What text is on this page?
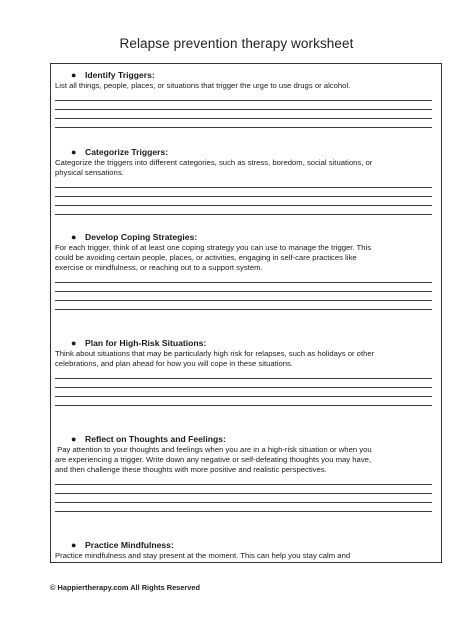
Relapse prevention therapy worksheet
● Identify Triggers:
List all things, people, places, or situations that trigger the urge to use drugs or alcohol.
● Categorize Triggers:
Categorize the triggers into different categories, such as stress, boredom, social situations, or
physical sensations.
● Develop Coping Strategies:
For each trigger, think of at least one coping strategy you can use to manage the trigger. This
could be avoiding certain people, places, or activities, engaging in self-care practices like
exercise or mindfulness, or reaching out to a support system.
● Plan for High-Risk Situations:
Think about situations that may be particularly high risk for relapses, such as holidays or other
celebrations, and plan ahead for how you will cope in these situations.
● Reflect on Thoughts and Feelings:
Pay attention to your thoughts and feelings when you are in a high-risk situation or when you
are experiencing a trigger. Write down any negative or self-defeating thoughts you may have,
and then challenge these thoughts with more positive and realistic perspectives.
● Practice Mindfulness:
Practice mindfulness and stay present at the moment. This can help you stay calm and
© Happiertherapy.com All Rights Reserved
